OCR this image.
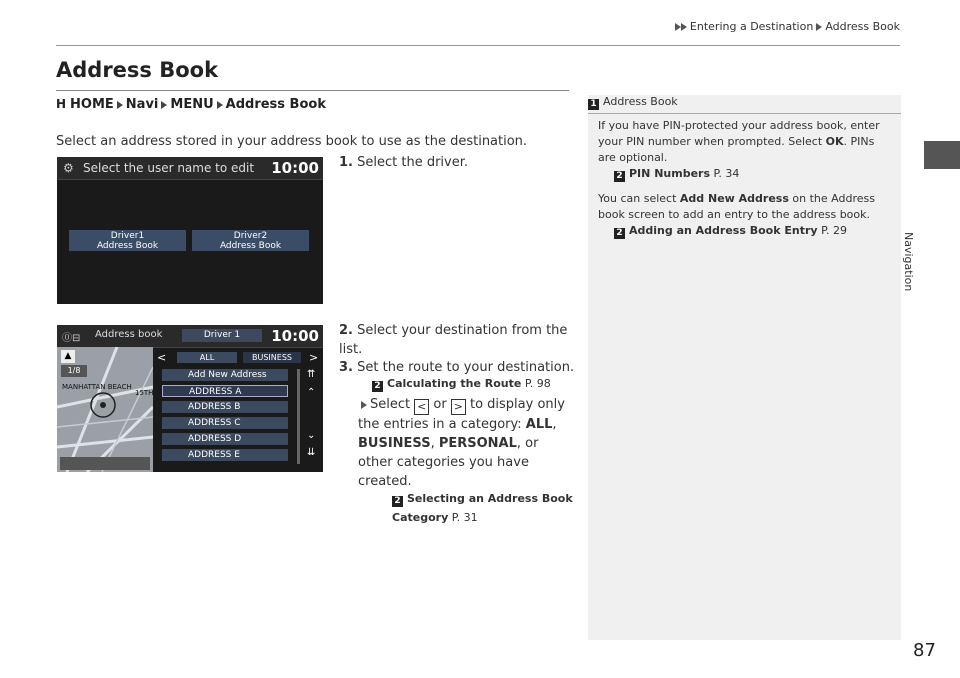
Entering a Destination Address Book
Address Book
H HOME Navi MENU Address Book
Select an address stored in your address book to use as the destination.
⚙ Select the user name to edit 10:00
Driver1
Address Book
Driver2
Address Book
1. Select the driver.
⓪⊟ Address book	Driver 1	10:00
▲
1/8
MANHATTAN BEACH
15TH
<	ALL	BUSINESS	>
Add New Address
ADDRESS A
ADDRESS B
ADDRESS C
ADDRESS D
ADDRESS E
⇈
⌃
⌄
⇊
2. Select your destination from the list.
3. Set the route to your destination.
2 Calculating the Route P. 98
Select < or > to display only the entries in a category: ALL, BUSINESS, PERSONAL, or other categories you have created.
2 Selecting an Address Book
Category P. 31
1 Address Book
If you have PIN-protected your address book, enter your PIN number when prompted. Select OK. PINs are optional.
2 PIN Numbers P. 34
You can select Add New Address on the Address book screen to add an entry to the address book.
2 Adding an Address Book Entry P. 29
Navigation
87
